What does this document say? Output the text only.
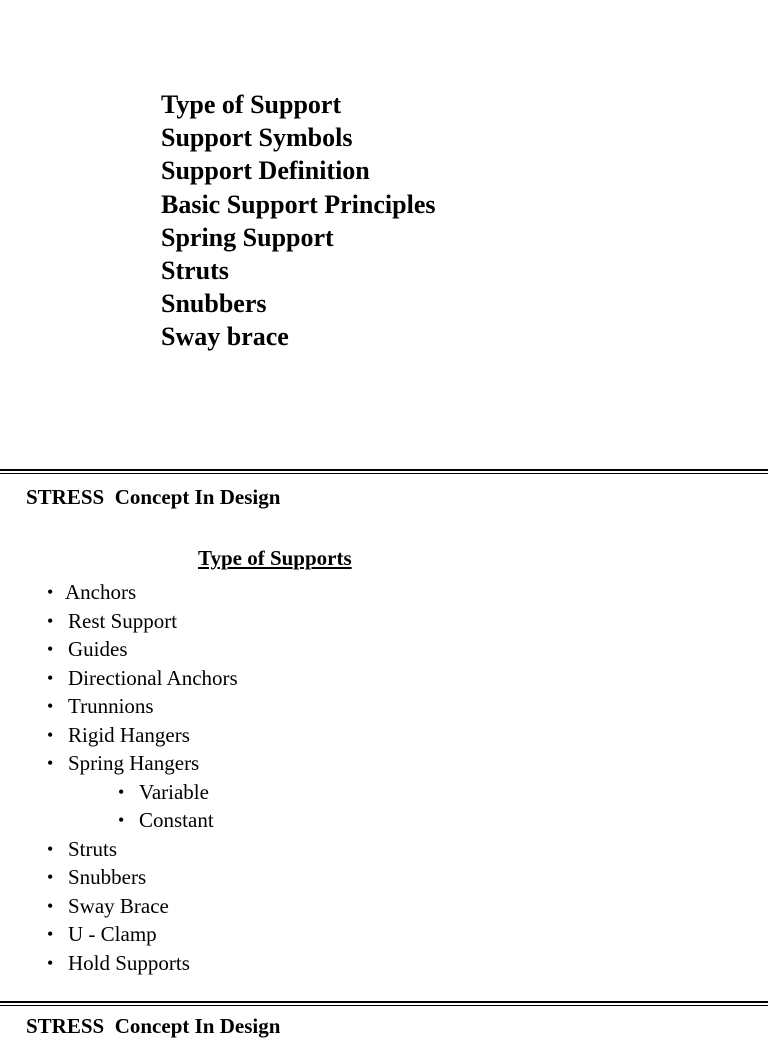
Type of Support
Support Symbols
Support Definition
Basic Support Principles
Spring Support
Struts
Snubbers
Sway brace
STRESS  Concept In Design
Type of Supports
• Anchors
• Rest Support
• Guides
• Directional Anchors
• Trunnions
• Rigid Hangers
• Spring Hangers
• Variable
• Constant
• Struts
• Snubbers
• Sway Brace
• U - Clamp
• Hold Supports
STRESS  Concept In Design
